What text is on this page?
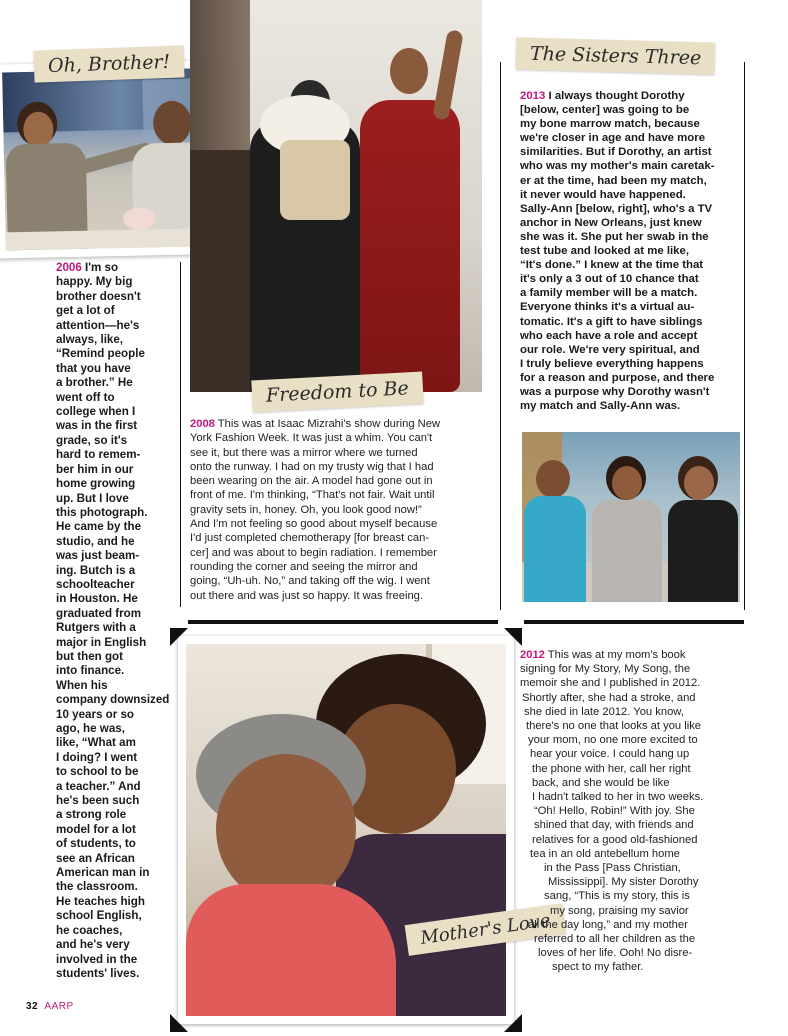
Oh, Brother!
Freedom to Be
2006 I'm so
happy. My big
brother doesn't
get a lot of
attention—he's
always, like,
“Remind people
that you have
a brother.” He
went off to
college when I
was in the first
grade, so it's
hard to remem-
ber him in our
home growing
up. But I love
this photograph.
He came by the
studio, and he
was just beam-
ing. Butch is a
schoolteacher
in Houston. He
graduated from
Rutgers with a
major in English
but then got
into finance.
When his
company downsized
10 years or so
ago, he was,
like, “What am
I doing? I went
to school to be
a teacher.” And
he's been such
a strong role
model for a lot
of students, to
see an African
American man in
the classroom.
He teaches high
school English,
he coaches,
and he's very
involved in the
students' lives.
2008 This was at Isaac Mizrahi's show during New
York Fashion Week. It was just a whim. You can't
see it, but there was a mirror where we turned
onto the runway. I had on my trusty wig that I had
been wearing on the air. A model had gone out in
front of me. I'm thinking, “That's not fair. Wait until
gravity sets in, honey. Oh, you look good now!”
And I'm not feeling so good about myself because
I'd just completed chemotherapy [for breast can-
cer] and was about to begin radiation. I remember
rounding the corner and seeing the mirror and
going, “Uh-uh. No,” and taking off the wig. I went
out there and was just so happy. It was freeing.
The Sisters Three
2013 I always thought Dorothy
[below, center] was going to be
my bone marrow match, because
we're closer in age and have more
similarities. But if Dorothy, an artist
who was my mother's main caretak-
er at the time, had been my match,
it never would have happened.
Sally-Ann [below, right], who's a TV
anchor in New Orleans, just knew
she was it. She put her swab in the
test tube and looked at me like,
“It's done.” I knew at the time that
it's only a 3 out of 10 chance that
a family member will be a match.
Everyone thinks it's a virtual au-
tomatic. It's a gift to have siblings
who each have a role and accept
our role. We're very spiritual, and
I truly believe everything happens
for a reason and purpose, and there
was a purpose why Dorothy wasn't
my match and Sally-Ann was.
Mother's Love
2012 This was at my mom's book
signing for My Story, My Song, the
memoir she and I published in 2012.
Shortly after, she had a stroke, and
she died in late 2012. You know,
there's no one that looks at you like
your mom, no one more excited to
hear your voice. I could hang up
the phone with her, call her right
back, and she would be like
I hadn't talked to her in two weeks.
“Oh! Hello, Robin!” With joy. She
shined that day, with friends and
relatives for a good old-fashioned
tea in an old antebellum home
in the Pass [Pass Christian,
Mississippi]. My sister Dorothy
sang, “This is my story, this is
my song, praising my savior
all the day long,” and my mother
referred to all her children as the
loves of her life. Ooh! No disre-
spect to my father.
32 AARP
